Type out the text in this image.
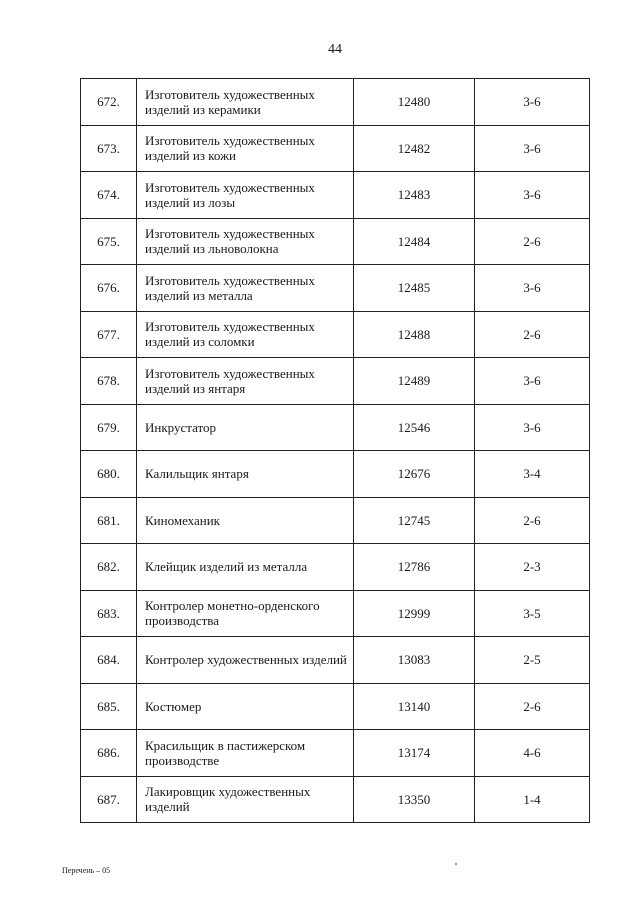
44
672.	Изготовитель художественных изделий из керамики	12480	3-6
673.	Изготовитель художественных изделий из кожи	12482	3-6
674.	Изготовитель художественных изделий из лозы	12483	3-6
675.	Изготовитель художественных изделий из льноволокна	12484	2-6
676.	Изготовитель художественных изделий из металла	12485	3-6
677.	Изготовитель художественных изделий из соломки	12488	2-6
678.	Изготовитель художественных изделий из янтаря	12489	3-6
679.	Инкрустатор	12546	3-6
680.	Калильщик янтаря	12676	3-4
681.	Киномеханик	12745	2-6
682.	Клейщик изделий из металла	12786	2-3
683.	Контролер монетно-орденского производства	12999	3-5
684.	Контролер художественных изделий	13083	2-5
685.	Костюмер	13140	2-6
686.	Красильщик в пастижерском производстве	13174	4-6
687.	Лакировщик художественных изделий	13350	1-4
Перечень – 05
